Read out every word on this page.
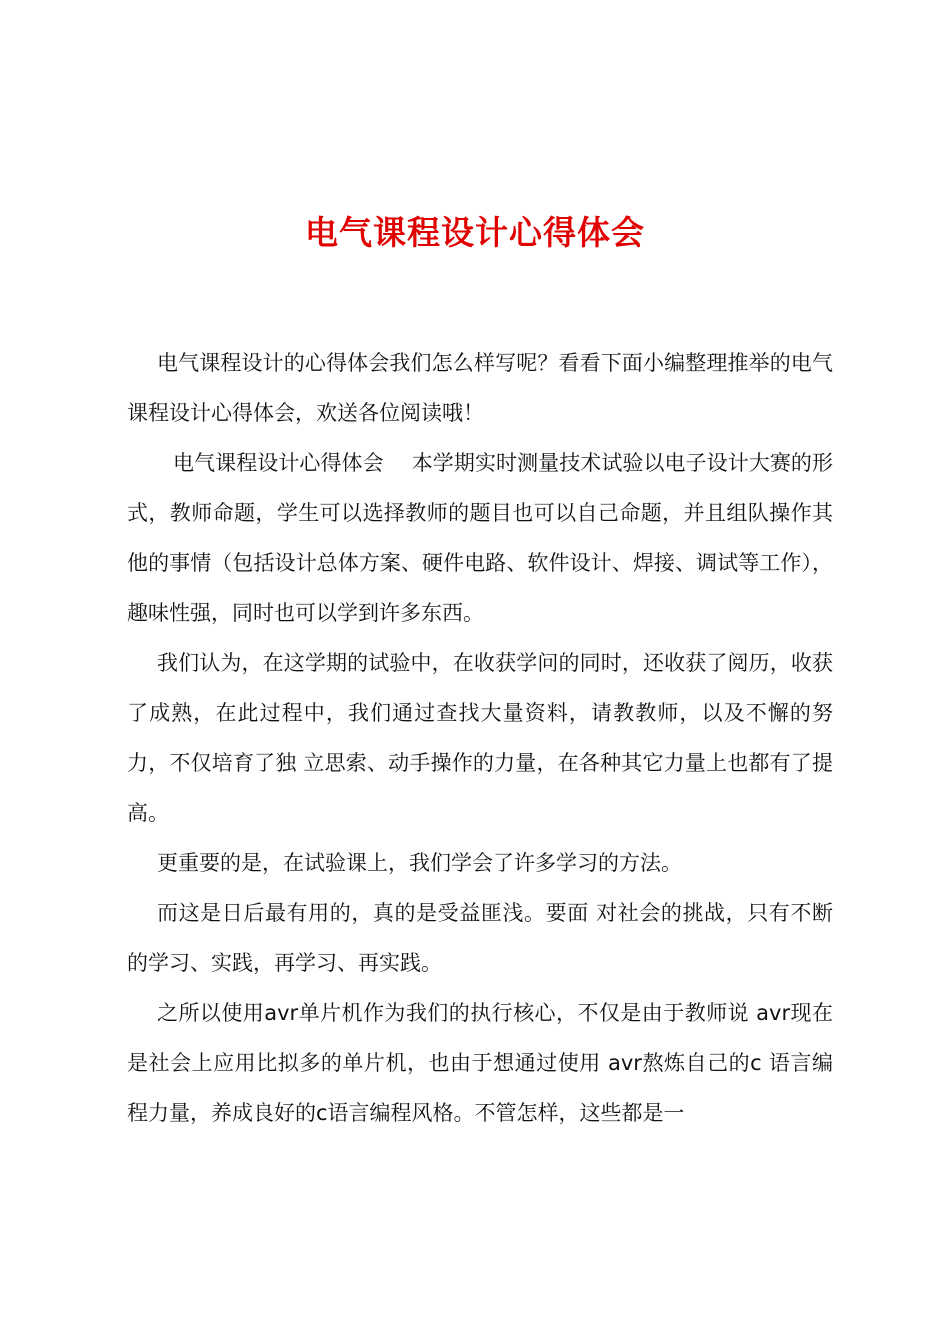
电气课程设计心得体会

电气课程设计的心得体会我们怎么样写呢？看看下面小编整理推举的电气课程设计心得体会，欢送各位阅读哦！

电气课程设计心得体会 本学期实时测量技术试验以电子设计大赛的形式，教师命题，学生可以选择教师的题目也可以自己命题，并且组队操作其他的事情（包括设计总体方案、硬件电路、软件设计、焊接、调试等工作），趣味性强，同时也可以学到许多东西。

我们认为，在这学期的试验中，在收获学问的同时，还收获了阅历，收获了成熟，在此过程中，我们通过查找大量资料，请教教师，以及不懈的努力，不仅培育了独 立思索、动手操作的力量，在各种其它力量上也都有了提高。

更重要的是，在试验课上，我们学会了许多学习的方法。

而这是日后最有用的，真的是受益匪浅。要面 对社会的挑战，只有不断的学习、实践，再学习、再实践。

之所以使用avr单片机作为我们的执行核心，不仅是由于教师说 avr现在是社会上应用比拟多的单片机，也由于想通过使用 avr熬炼自己的c 语言编程力量，养成良好的c语言编程风格。不管怎样，这些都是一
